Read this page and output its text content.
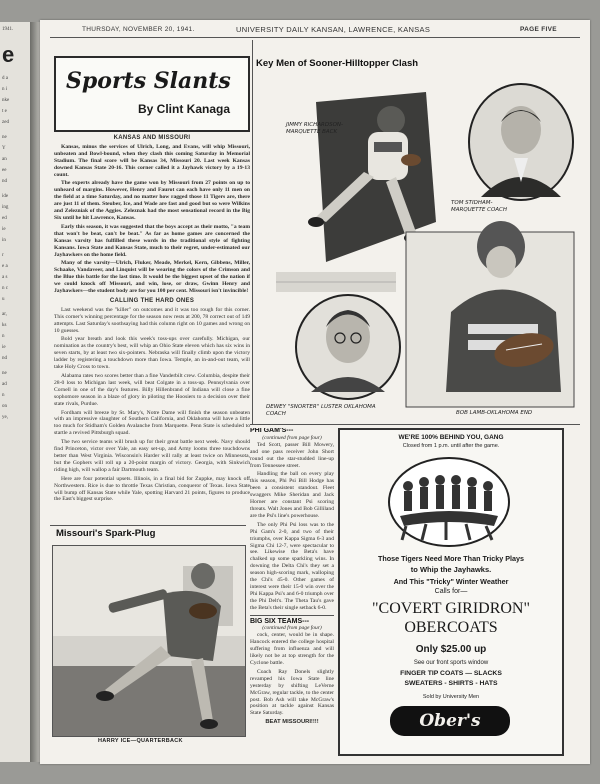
1941.
e
d a
n i
nke
t e
zed
ne
Y
an
ee
nd
ide
ing
ed
ie
in
r
e a
a s
n c
u
ar,
ks
n
ie
nd
ne
ad
n
on
ye,
THURSDAY, NOVEMBER 20, 1941.	UNIVERSITY DAILY KANSAN, LAWRENCE, KANSAS	PAGE FIVE
Sports Slants
By Clint Kanaga
KANSAS AND MISSOURI

Kansas, minus the services of Ulrich, Long, and Evans, will whip Missouri, unbeaten and Bowl-bound, when they clash this coming Saturday in Memorial Stadium. The final score will be Kansas 34, Missouri 20. Last week Kansas downed Kansas State 20-16. This corner called it a Jayhawk victory by a 19-13 count.

The experts already have the game won by Missouri from 27 points on up to unheard of margins. However, Henry and Faurot can each have only 11 men on the field at a time Saturday, and no matter how ragged those 11 Tigers are, there are just 11 of them. Steuber, Ice, and Wade are fast and good but so were Wilkins and Zelezniak of the Aggies. Zeleznak had the most sensational record in the Big Six until he hit Lawrence, Kansas.

Early this season, it was suggested that the boys accept as their motto, "a team that won't be beat, can't be beat." As far as home games are concerned the Kansas varsity has fulfilled these words in the traditional style of fighting Kansans. Iowa State and Kansas State, much to their regret, under-estimated our Jayhawkers on the home field.

Many of the varsity—Ulrich, Fluker, Meade, Merkel, Kern, Gibbens, Miller, Schaake, Vandaveer, and Linquist will be wearing the colors of the Crimson and the Blue this battle for the last time. It would be the biggest upset of the nation if we could knock off Missouri, and win, lose, or draw, Gwinn Henry and Jayhawkers—the student body are for you 100 per cent. Missouri isn't invincible!

CALLING THE HARD ONES

Last weekend was the "killer" on outcomes and it was too rough for this corner. This corner's winning percentage for the season now rests at 200, 78 correct out of 149 attempts. Last Saturday's soothsaying had this column right on 10 games and wrong on 10 guesses.

Bold year breath and look this week's toss-ups over carefully. Michigan, our nomination as the country's best, will whip an Ohio State eleven which has six wins in seven starts, by at least two six-pointers. Nebraska will finally climb upon the victory ladder by registering a touchdown more than Iowa. Temple, an in-and-out team, will take Holy Cross to town.

Alabama rates two scores better than a fine Vanderbilt crew. Columbia, despite their 28-0 loss to Michigan last week, will beat Colgate in a toss-up. Pennsylvania over Cornell in one of the day's features. Billy Hillenbrand of Indiana will close a fine sophomore season in a blaze of glory in piloting the Hoosiers to a decision over their state rivals, Purdue.

Fordham will breeze by St. Mary's, Notre Dame will finish the season unbeaten with an impressive slaughter of Southern California, and Oklahoma will have a little too much for Stidham's Golden Avalanche from Marquette. Penn State is scheduled to startle a revived Pittsburgh squad.

The two service teams will brush up for their great battle next week. Navy should find Princeton, victor over Yale, an easy set-up, and Army looms three touchdowns better than West Virginia. Wisconsin's Harder will rally at least twice on Minnesota, but the Gophers will roll up a 20-point margin of victory. Georgia, with Sinkwich riding high, will wallop a fair Dartmouth team.

Here are four potential upsets. Illinois, in a final bid for Zuppke, may knock off Northwestern. Rice is due to throttle Texas Christian, conqueror of Texas. Iowa State will bump off Kansas State while Yale, spotting Harvard 21 points, figures to produce the East's biggest surprise.

Key Men of Sooner-Hilltopper Clash
JIMMY RICHARDSON- MARQUETTE BACK
TOM STIDHAM- MARQUETTE COACH
DEWEY "SNORTER" LUSTER OKLAHOMA COACH	BOB LAMB-OKLAHOMA END
Missouri's Spark-Plug
HARRY ICE—QUARTERBACK
PHI GAM'S---
(continued from page four)

Ted Scott, passer Bill Mowery, and one pass receiver John Short round out the star-studded line-up from Tennessee street.

Handling the ball on every play this season, Phi Psi Bill Hodge has been a consistent standout. Fleet swaggers Mike Sheridan and Jack Horner are constant Psi scoring threats. Walt Jones and Bob Gilliland are the Psi's line's powerhouse.

The only Phi Psi loss was to the Phi Gam's 2-0, and two of their triumphs, over Kappa Sigma 6-3 and Sigma Chi 12-7, were spectacular to see. Likewise the Beta's have chalked up some sparkling wins. In downing the Delta Chi's they set a season high-scoring mark, walloping the Chi's 45-0. Other games of interest were their 15-0 win over the Phi Kappa Psi's and 6-0 triumph over the Phi Delt's. The Theta Tau's gave the Beta's their single setback 6-0.

BIG SIX TEAMS---
(continued from page four)

cock, center, would be in shape. Hancock entered the college hospital suffering from influenza and will likely not be at top strength for the Cyclone battle.

Coach Ray Donels slightly revamped his Iowa State line yesterday by shifting LeVerne McGraw, regular tackle, to the center post. Bob Ash will take McGraw's position at tackle against Kansas State Saturday.

BEAT MISSOURI!!!!
WE'RE 100% BEHIND YOU, GANG
Closed from 1 p.m. until after the game.
Those Tigers Need More Than Tricky Plays
to Whip the Jayhawks.
And This "Tricky" Winter Weather
Calls for—
"COVERT GIRIDRON"
OBERCOATS
Only $25.00 up
See our front sports window
FINGER TIP COATS — SLACKS
SWEATERS - SHIRTS - HATS
Sold by University Men
Ober's
